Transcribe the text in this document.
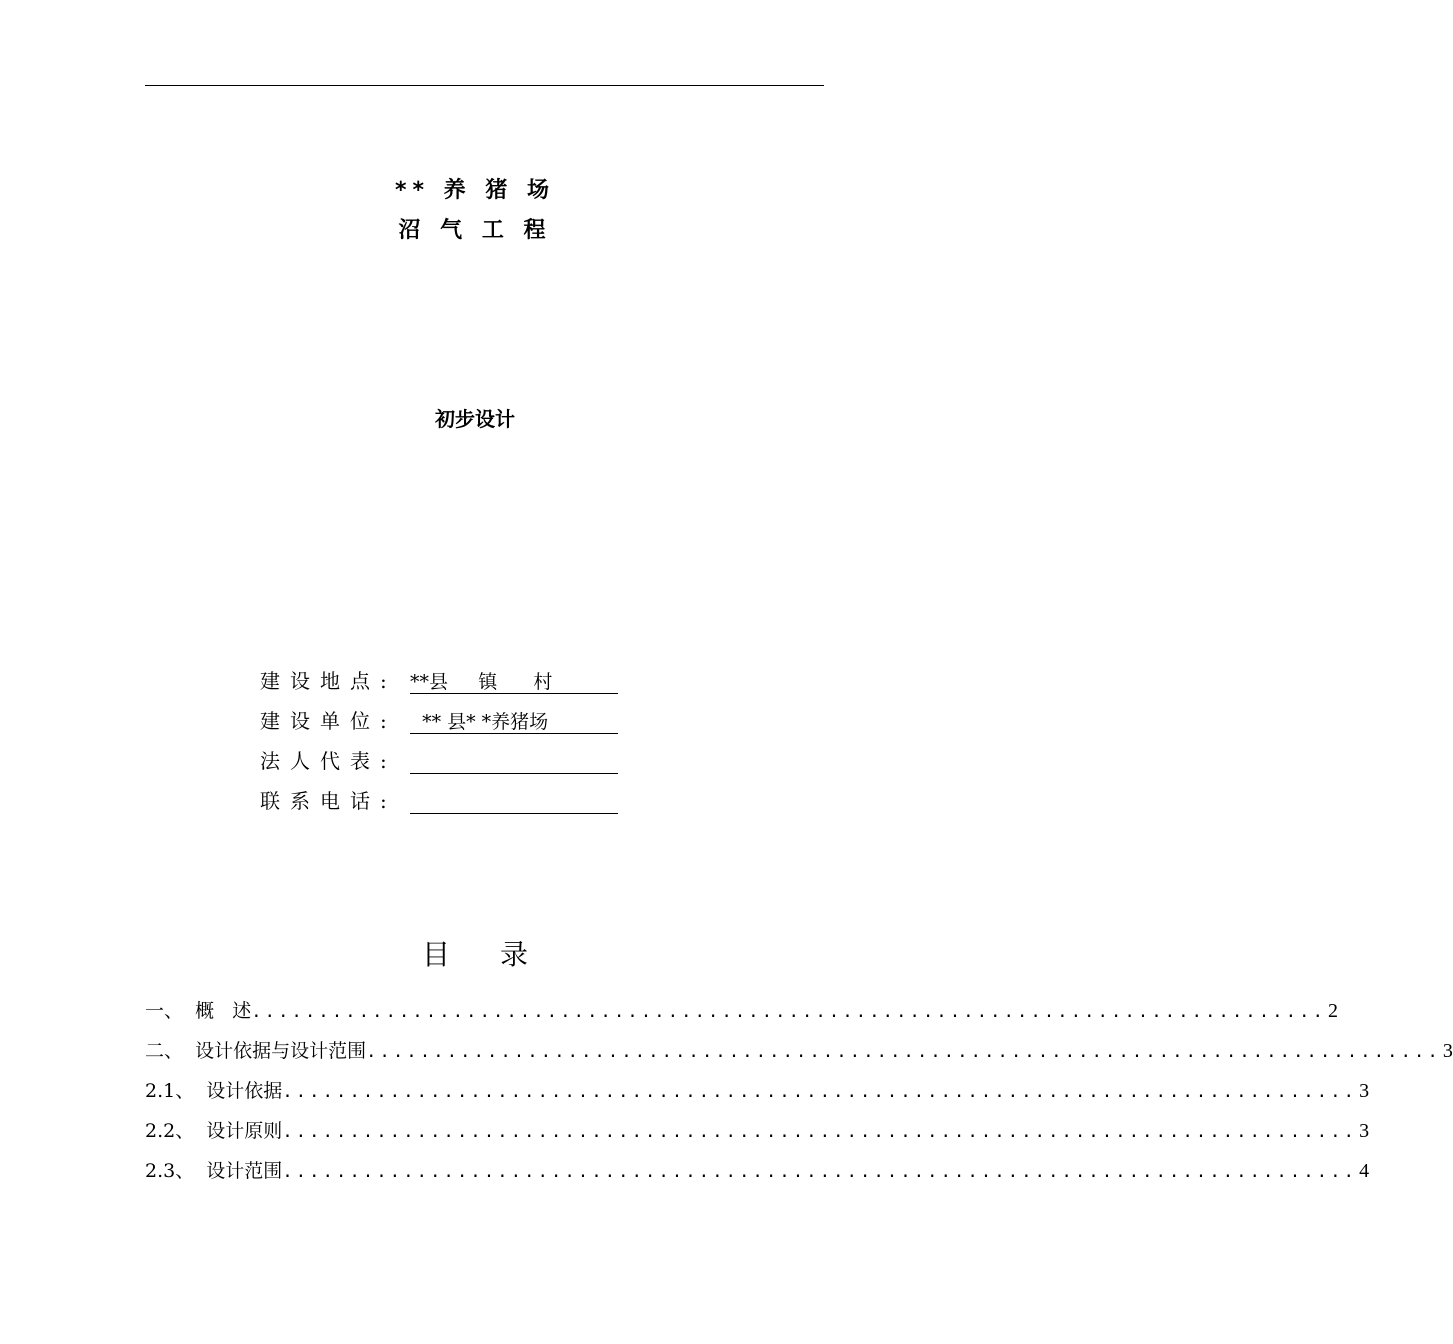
** 养 猪 场
沼 气 工 程
初步设计
建设地点: **县     镇      村
建设单位: ** 县* *养猪场
法人代表:
联系电话:
目录
一、 概   述 ................................................................................ 2
二、 设计依据与设计范围 ................................................................................ 3
2.1、 设计依据 ................................................................................ 3
2.2、 设计原则 ................................................................................ 3
2.3、 设计范围 ................................................................................ 4
